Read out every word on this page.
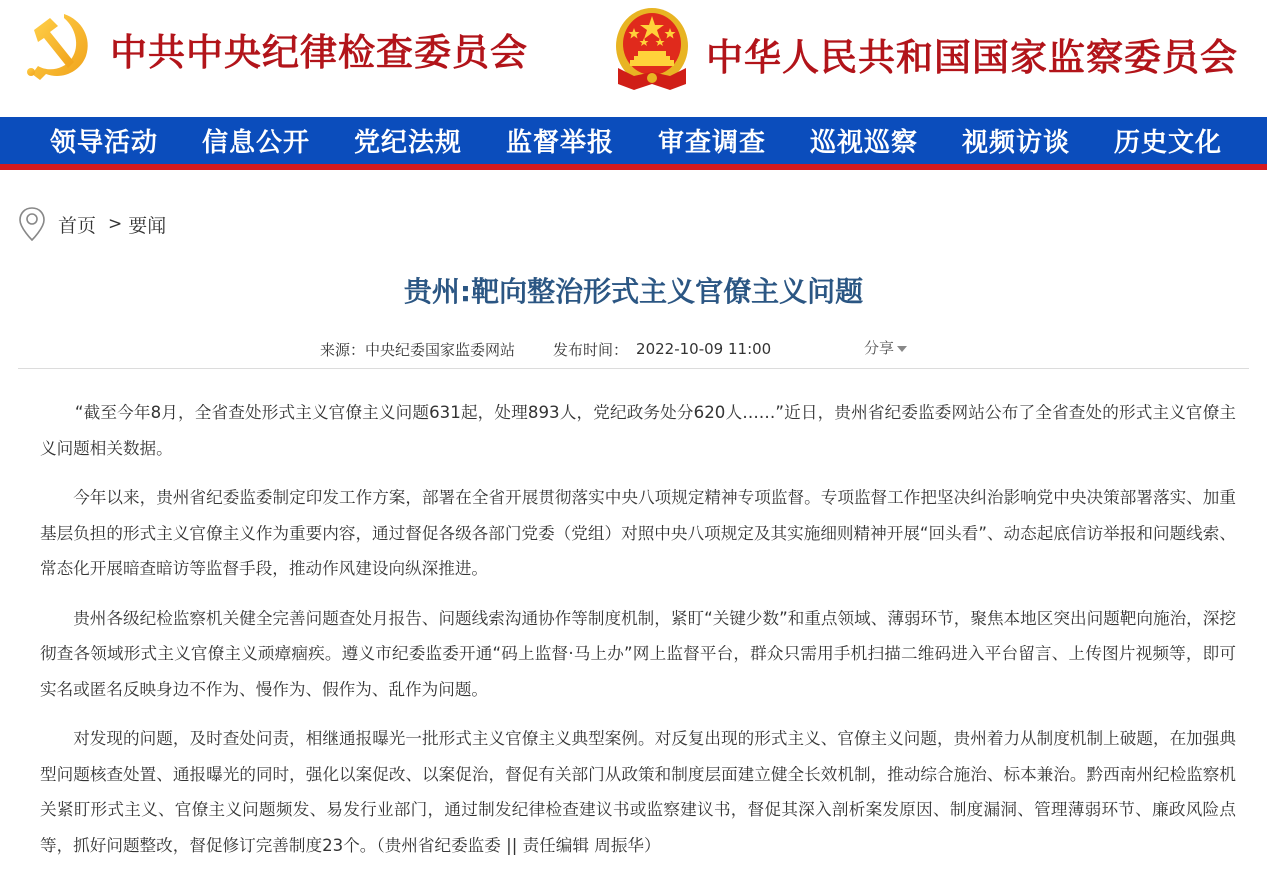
中共中央纪律检查委员会	中华人民共和国国家监察委员会
领导活动	信息公开	党纪法规	监督举报	审查调查	巡视巡察	视频访谈	历史文化
首页 > 要闻
贵州:靶向整治形式主义官僚主义问题
来源： 中央纪委国家监委网站	发布时间： 2022-10-09 11:00	分享

“截至今年8月，全省查处形式主义官僚主义问题631起，处理893人，党纪政务处分620人……”近日，贵州省纪委监委网站公布了全省查处的形式主义官僚主义问题相关数据。

今年以来，贵州省纪委监委制定印发工作方案，部署在全省开展贯彻落实中央八项规定精神专项监督。专项监督工作把坚决纠治影响党中央决策部署落实、加重基层负担的形式主义官僚主义作为重要内容，通过督促各级各部门党委（党组）对照中央八项规定及其实施细则精神开展“回头看”、动态起底信访举报和问题线索、常态化开展暗查暗访等监督手段，推动作风建设向纵深推进。

贵州各级纪检监察机关健全完善问题查处月报告、问题线索沟通协作等制度机制，紧盯“关键少数”和重点领域、薄弱环节，聚焦本地区突出问题靶向施治，深挖彻查各领域形式主义官僚主义顽瘴痼疾。遵义市纪委监委开通“码上监督·马上办”网上监督平台，群众只需用手机扫描二维码进入平台留言、上传图片视频等，即可实名或匿名反映身边不作为、慢作为、假作为、乱作为问题。

对发现的问题，及时查处问责，相继通报曝光一批形式主义官僚主义典型案例。对反复出现的形式主义、官僚主义问题，贵州着力从制度机制上破题，在加强典型问题核查处置、通报曝光的同时，强化以案促改、以案促治，督促有关部门从政策和制度层面建立健全长效机制，推动综合施治、标本兼治。黔西南州纪检监察机关紧盯形式主义、官僚主义问题频发、易发行业部门，通过制发纪律检查建议书或监察建议书，督促其深入剖析案发原因、制度漏洞、管理薄弱环节、廉政风险点等，抓好问题整改，督促修订完善制度23个。（贵州省纪委监委 || 责任编辑 周振华）
